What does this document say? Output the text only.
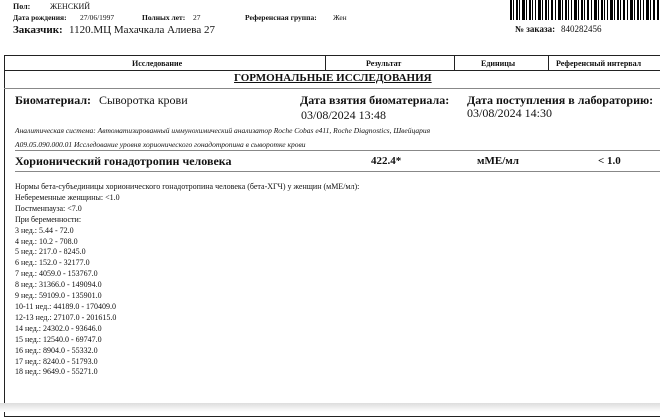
Пол: ЖЕНСКИЙ
Дата рождения: 27/06/1997	Полных лет: 27	Референсная группа: Жен
Заказчик: 1120.МЦ Махачкала Алиева 27	№ заказа: 840282456
Исследование	Результат	Единицы	Референсный интервал
ГОРМОНАЛЬНЫЕ ИССЛЕДОВАНИЯ
Биоматериал: Сыворотка крови	Дата взятия биоматериала:
03/08/2024 13:48
Дата поступления в лабораторию:
03/08/2024 14:30
Аналитическая система: Автоматизированный иммунохимический анализатор Roche Cobas e411, Roche Diagnostics, Швейцария
A09.05.090.000.01 Исследование уровня хорионического гонадотропина в сыворотке крови
Хорионический гонадотропин человека	422.4*	мМЕ/мл	< 1.0
Нормы бета-субъединицы хорионического гонадотропина человека (бета-ХГЧ) у женщин (мМЕ/мл):
Небеременные женщины: <1.0
Постменпауза: <7.0
При беременности:
3 нед.: 5.44 - 72.0
4 нед.: 10.2 - 708.0
5 нед.: 217.0 - 8245.0
6 нед.: 152.0 - 32177.0
7 нед.: 4059.0 - 153767.0
8 нед.: 31366.0 - 149094.0
9 нед.: 59109.0 - 135901.0
10-11 нед.: 44189.0 - 170409.0
12-13 нед.: 27107.0 - 201615.0
14 нед.: 24302.0 - 93646.0
15 нед.: 12540.0 - 69747.0
16 нед.: 8904.0 - 55332.0
17 нед.: 8240.0 - 51793.0
18 нед.: 9649.0 - 55271.0
